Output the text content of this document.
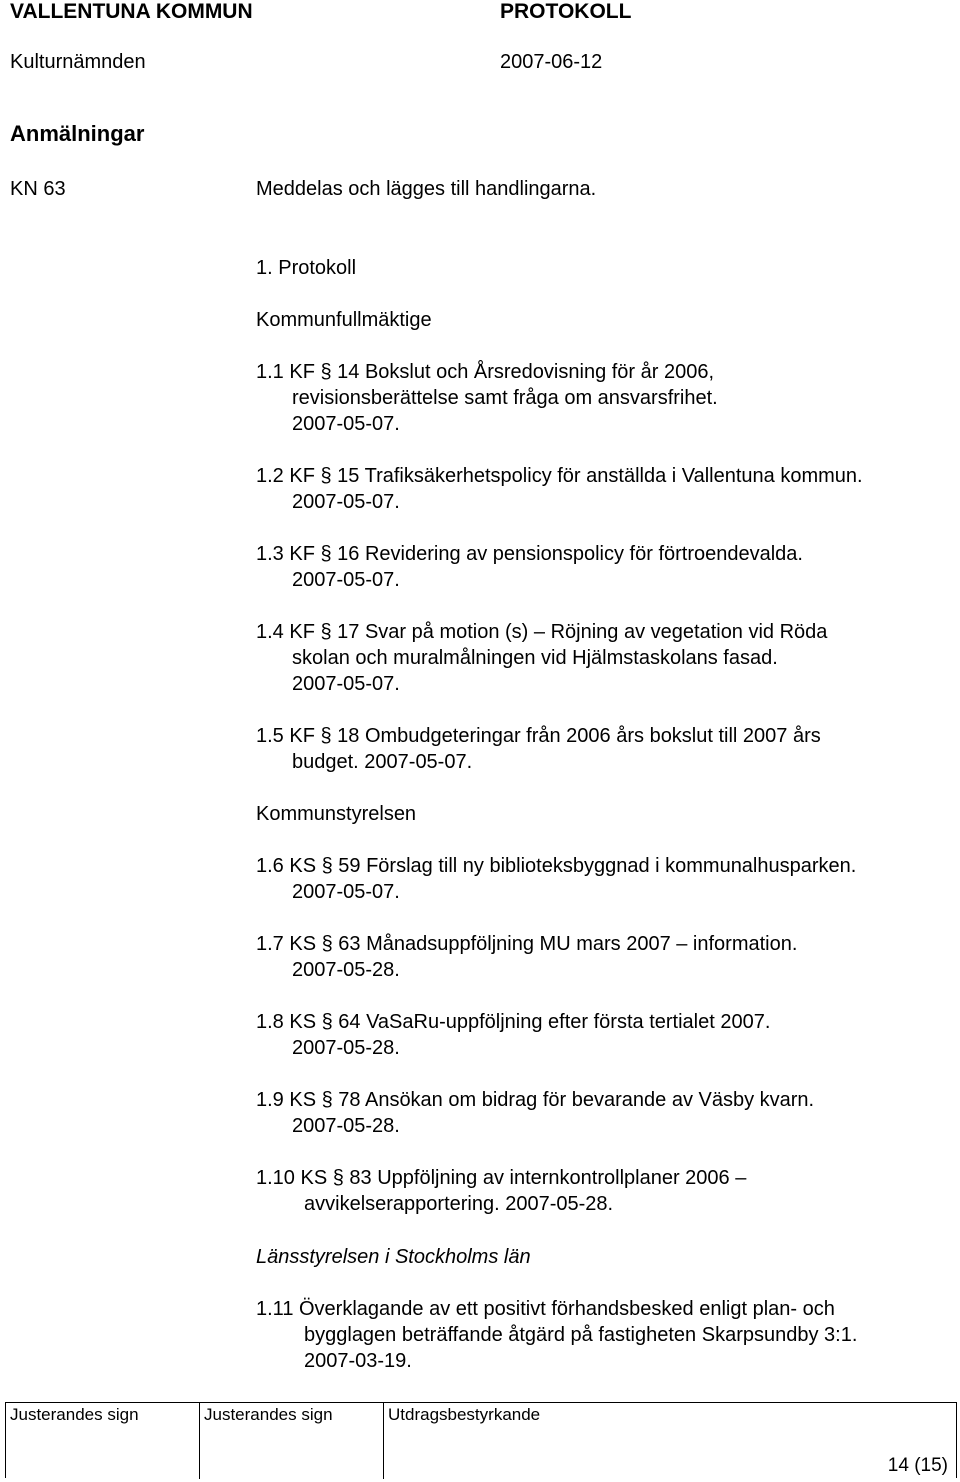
VALLENTUNA KOMMUN	PROTOKOLL
Kulturnämnden	2007-06-12
Anmälningar
KN 63	Meddelas och lägges till handlingarna.
1. Protokoll
Kommunfullmäktige
1.1 KF § 14 Bokslut och Årsredovisning för år 2006,
revisionsberättelse samt fråga om ansvarsfrihet.
2007-05-07.
1.2 KF § 15 Trafiksäkerhetspolicy för anställda i Vallentuna kommun.
2007-05-07.
1.3 KF § 16 Revidering av pensionspolicy för förtroendevalda.
2007-05-07.
1.4 KF § 17 Svar på motion (s) – Röjning av vegetation vid Röda
skolan och muralmålningen vid Hjälmstaskolans fasad.
2007-05-07.
1.5 KF § 18 Ombudgeteringar från 2006 års bokslut till 2007 års
budget. 2007-05-07.
Kommunstyrelsen
1.6 KS § 59 Förslag till ny biblioteksbyggnad i kommunalhusparken.
2007-05-07.
1.7 KS § 63 Månadsuppföljning MU mars 2007 – information.
2007-05-28.
1.8 KS § 64 VaSaRu-uppföljning efter första tertialet 2007.
2007-05-28.
1.9 KS § 78 Ansökan om bidrag för bevarande av Väsby kvarn.
2007-05-28.
1.10 KS § 83 Uppföljning av internkontrollplaner 2006 –
avvikelserapportering. 2007-05-28.
Länsstyrelsen i Stockholms län
1.11 Överklagande av ett positivt förhandsbesked enligt plan- och
bygglagen beträffande åtgärd på fastigheten Skarpsundby 3:1.
2007-03-19.
Justerandes sign	Justerandes sign	Utdragsbestyrkande
14 (15)
